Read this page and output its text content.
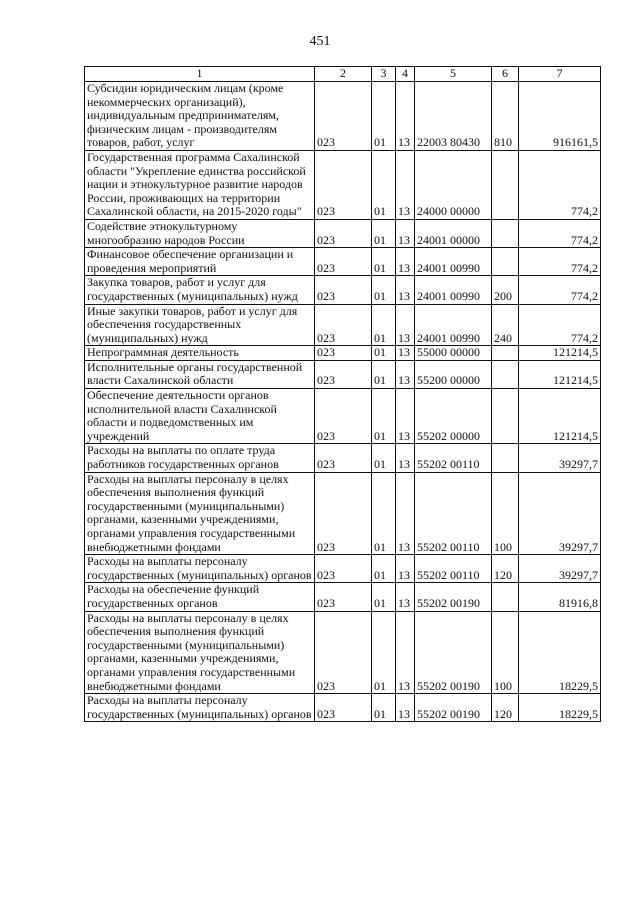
451
1	2	3	4	5	6	7
Субсидии юридическим лицам (кроме некоммерческих организаций), индивидуальным предпринимателям, физическим лицам - производителям товаров, работ, услуг	023	01	13	22003 80430	810	916161,5
Государственная программа Сахалинской области "Укрепление единства российской нации и этнокультурное развитие народов России, проживающих на территории Сахалинской области, на 2015-2020 годы"	023	01	13	24000 00000		774,2
Содействие этнокультурному многообразию народов России	023	01	13	24001 00000		774,2
Финансовое обеспечение организации и проведения мероприятий	023	01	13	24001 00990		774,2
Закупка товаров, работ и услуг для государственных (муниципальных) нужд	023	01	13	24001 00990	200	774,2
Иные закупки товаров, работ и услуг для обеспечения государственных (муниципальных) нужд	023	01	13	24001 00990	240	774,2
Непрограммная деятельность	023	01	13	55000 00000		121214,5
Исполнительные органы государственной власти Сахалинской области	023	01	13	55200 00000		121214,5
Обеспечение деятельности органов исполнительной власти Сахалинской области и подведомственных им учреждений	023	01	13	55202 00000		121214,5
Расходы на выплаты по оплате труда работников государственных органов	023	01	13	55202 00110		39297,7
Расходы на выплаты персоналу в целях обеспечения выполнения функций государственными (муниципальными) органами, казенными учреждениями, органами управления государственными внебюджетными фондами	023	01	13	55202 00110	100	39297,7
Расходы на выплаты персоналу государственных (муниципальных) органов	023	01	13	55202 00110	120	39297,7
Расходы на обеспечение функций государственных органов	023	01	13	55202 00190		81916,8
Расходы на выплаты персоналу в целях обеспечения выполнения функций государственными (муниципальными) органами, казенными учреждениями, органами управления государственными внебюджетными фондами	023	01	13	55202 00190	100	18229,5
Расходы на выплаты персоналу государственных (муниципальных) органов	023	01	13	55202 00190	120	18229,5
